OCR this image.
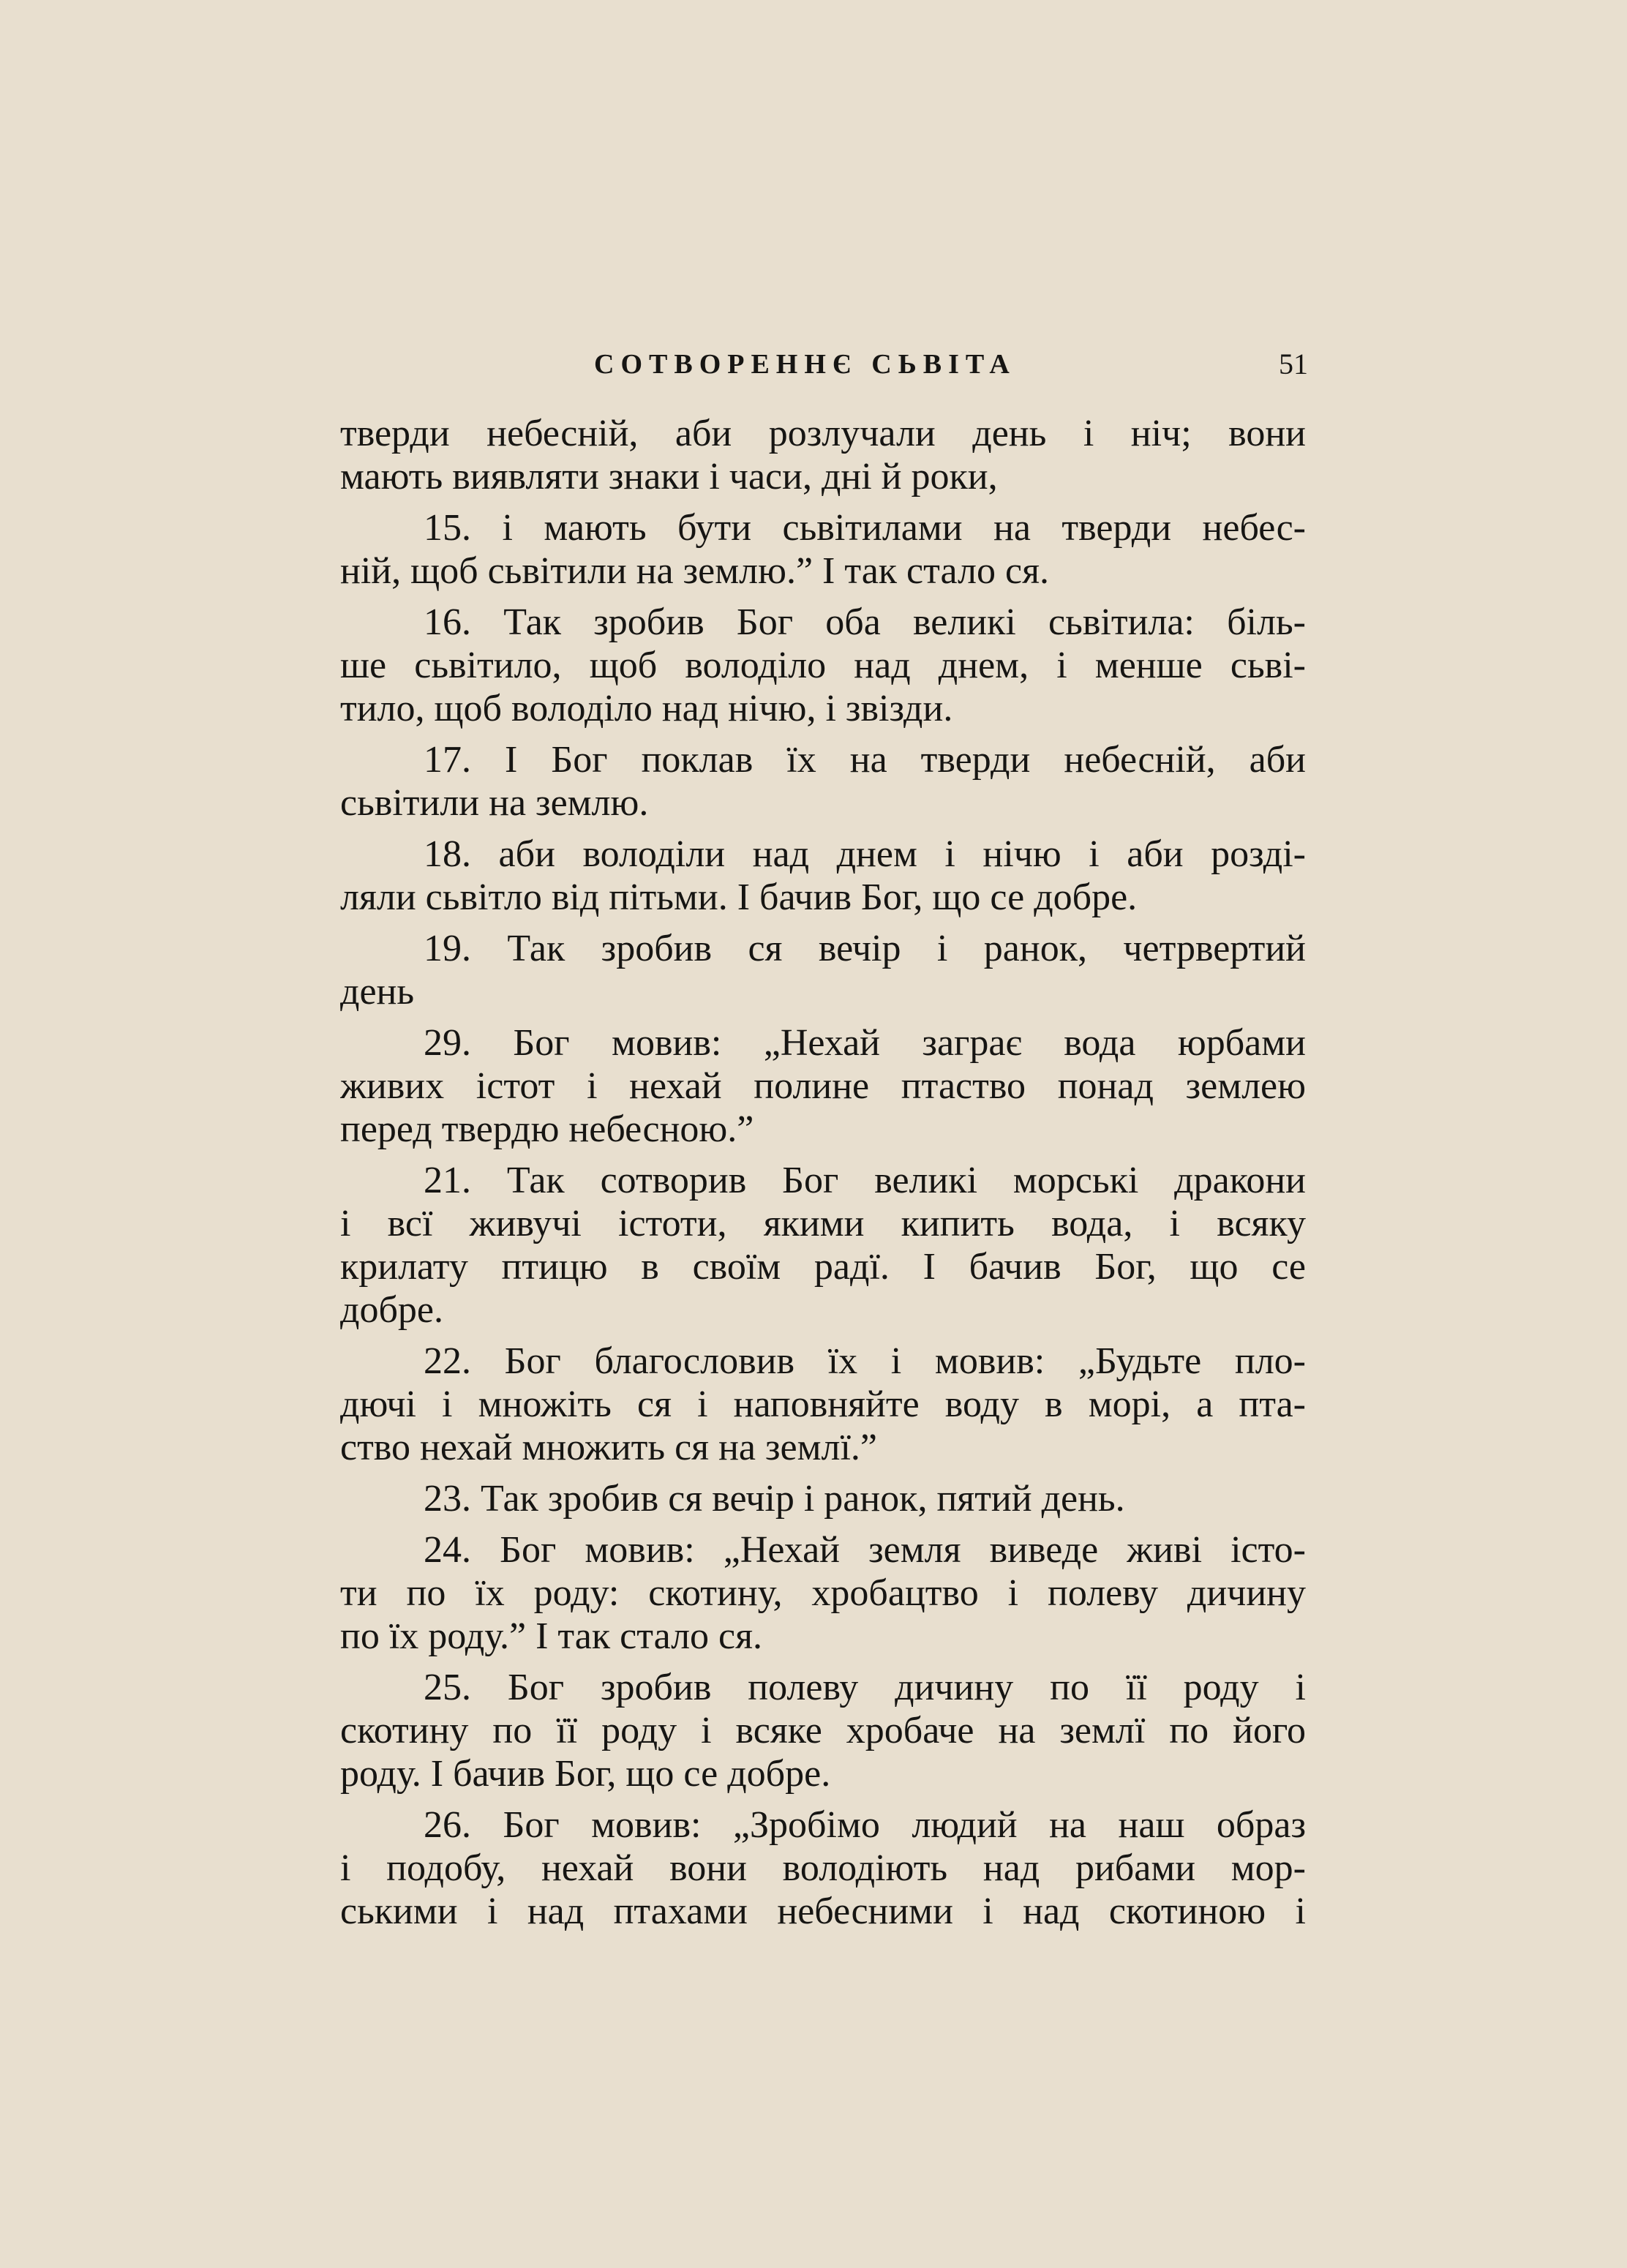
СОТВОРЕННЄ СЬВІТА	51
тверди небесній, аби розлучали день і ніч; вони
мають виявляти знаки і часи, дні й роки,
15. і мають бути сьвітилами на тверди небес-
ній, щоб сьвітили на землю.” І так стало ся.
16. Так зробив Бог оба великі сьвітила: біль-
ше сьвітило, щоб володіло над днем, і менше сьві-
тило, щоб володіло над нічю, і звізди.
17. І Бог поклав їх на тверди небесній, аби
сьвітили на землю.
18. аби володіли над днем і нічю і аби розді-
ляли сьвітло від пітьми. І бачив Бог, що се добре.
19. Так зробив ся вечір і ранок, четрвертий
день
29. Бог мовив: „Нехай заграє вода юрбами
живих істот і нехай полине птаство понад землею
перед твердю небесною.”
21. Так сотворив Бог великі морські дракони
і всї живучі істоти, якими кипить вода, і всяку
крилату птицю в своїм радї. І бачив Бог, що се
добре.
22. Бог благословив їх і мовив: „Будьте пло-
дючі і множіть ся і наповняйте воду в морі, а пта-
ство нехай множить ся на землї.”
23. Так зробив ся вечір і ранок, пятий день.
24. Бог мовив: „Нехай земля виведе живі істо-
ти по їх роду: скотину, хробацтво і полеву дичину
по їх роду.” І так стало ся.
25. Бог зробив полеву дичину по її роду і
скотину по її роду і всяке хробаче на землї по його
роду. І бачив Бог, що се добре.
26. Бог мовив: „Зробімо людий на наш образ
і подобу, нехай вони володіють над рибами мор-
ськими і над птахами небесними і над скотиною і
